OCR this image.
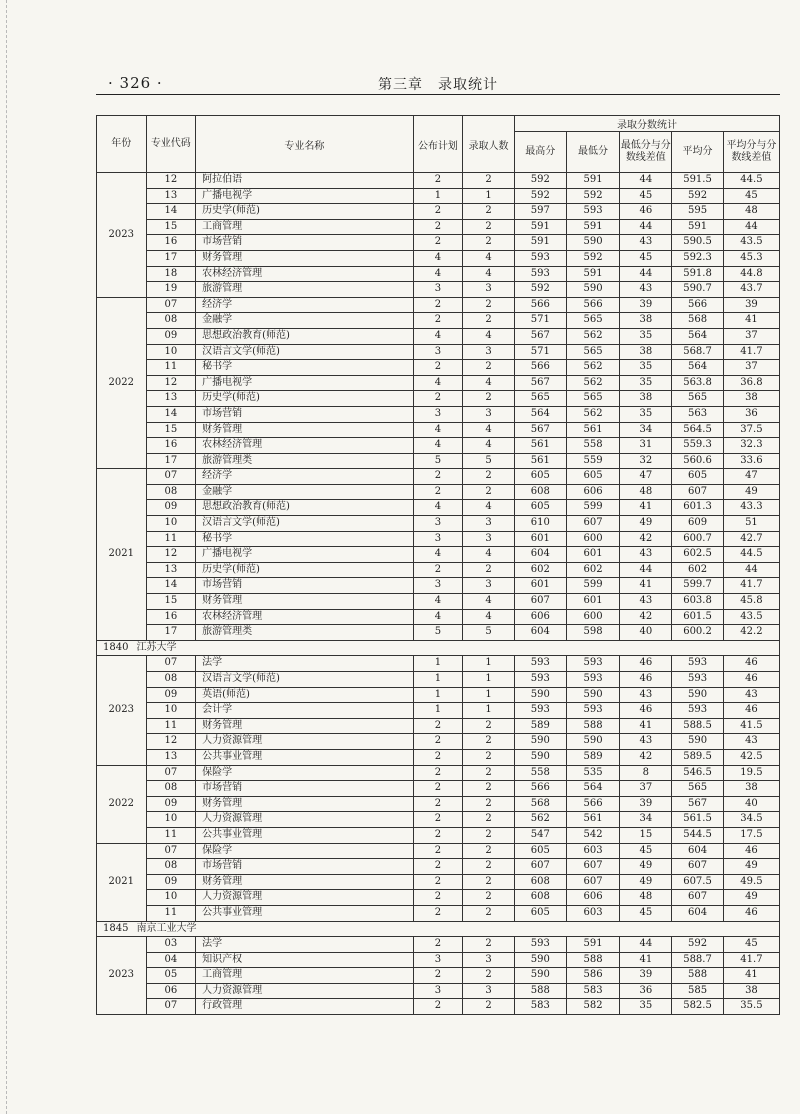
· 326 ·	第三章　录取统计
年份	专业代码	专业名称	公布计划	录取人数	录取分数统计				
					最高分	最低分	最低分与分数线差值	平均分	平均分与分数线差值
2023	12	阿拉伯语	2	2	592	591	44	591.5	44.5
	13	广播电视学	1	1	592	592	45	592	45
	14	历史学(师范)	2	2	597	593	46	595	48
	15	工商管理	2	2	591	591	44	591	44
	16	市场营销	2	2	591	590	43	590.5	43.5
	17	财务管理	4	4	593	592	45	592.3	45.3
	18	农林经济管理	4	4	593	591	44	591.8	44.8
	19	旅游管理	3	3	592	590	43	590.7	43.7
2022	07	经济学	2	2	566	566	39	566	39
	08	金融学	2	2	571	565	38	568	41
	09	思想政治教育(师范)	4	4	567	562	35	564	37
	10	汉语言文学(师范)	3	3	571	565	38	568.7	41.7
	11	秘书学	2	2	566	562	35	564	37
	12	广播电视学	4	4	567	562	35	563.8	36.8
	13	历史学(师范)	2	2	565	565	38	565	38
	14	市场营销	3	3	564	562	35	563	36
	15	财务管理	4	4	567	561	34	564.5	37.5
	16	农林经济管理	4	4	561	558	31	559.3	32.3
	17	旅游管理类	5	5	561	559	32	560.6	33.6
2021	07	经济学	2	2	605	605	47	605	47
	08	金融学	2	2	608	606	48	607	49
	09	思想政治教育(师范)	4	4	605	599	41	601.3	43.3
	10	汉语言文学(师范)	3	3	610	607	49	609	51
	11	秘书学	3	3	601	600	42	600.7	42.7
	12	广播电视学	4	4	604	601	43	602.5	44.5
	13	历史学(师范)	2	2	602	602	44	602	44
	14	市场营销	3	3	601	599	41	599.7	41.7
	15	财务管理	4	4	607	601	43	603.8	45.8
	16	农林经济管理	4	4	606	600	42	601.5	43.5
	17	旅游管理类	5	5	604	598	40	600.2	42.2
1840 江苏大学									
2023	07	法学	1	1	593	593	46	593	46
	08	汉语言文学(师范)	1	1	593	593	46	593	46
	09	英语(师范)	1	1	590	590	43	590	43
	10	会计学	1	1	593	593	46	593	46
	11	财务管理	2	2	589	588	41	588.5	41.5
	12	人力资源管理	2	2	590	590	43	590	43
	13	公共事业管理	2	2	590	589	42	589.5	42.5
2022	07	保险学	2	2	558	535	8	546.5	19.5
	08	市场营销	2	2	566	564	37	565	38
	09	财务管理	2	2	568	566	39	567	40
	10	人力资源管理	2	2	562	561	34	561.5	34.5
	11	公共事业管理	2	2	547	542	15	544.5	17.5
2021	07	保险学	2	2	605	603	45	604	46
	08	市场营销	2	2	607	607	49	607	49
	09	财务管理	2	2	608	607	49	607.5	49.5
	10	人力资源管理	2	2	608	606	48	607	49
	11	公共事业管理	2	2	605	603	45	604	46
1845 南京工业大学									
2023	03	法学	2	2	593	591	44	592	45
	04	知识产权	3	3	590	588	41	588.7	41.7
	05	工商管理	2	2	590	586	39	588	41
	06	人力资源管理	3	3	588	583	36	585	38
	07	行政管理	2	2	583	582	35	582.5	35.5
